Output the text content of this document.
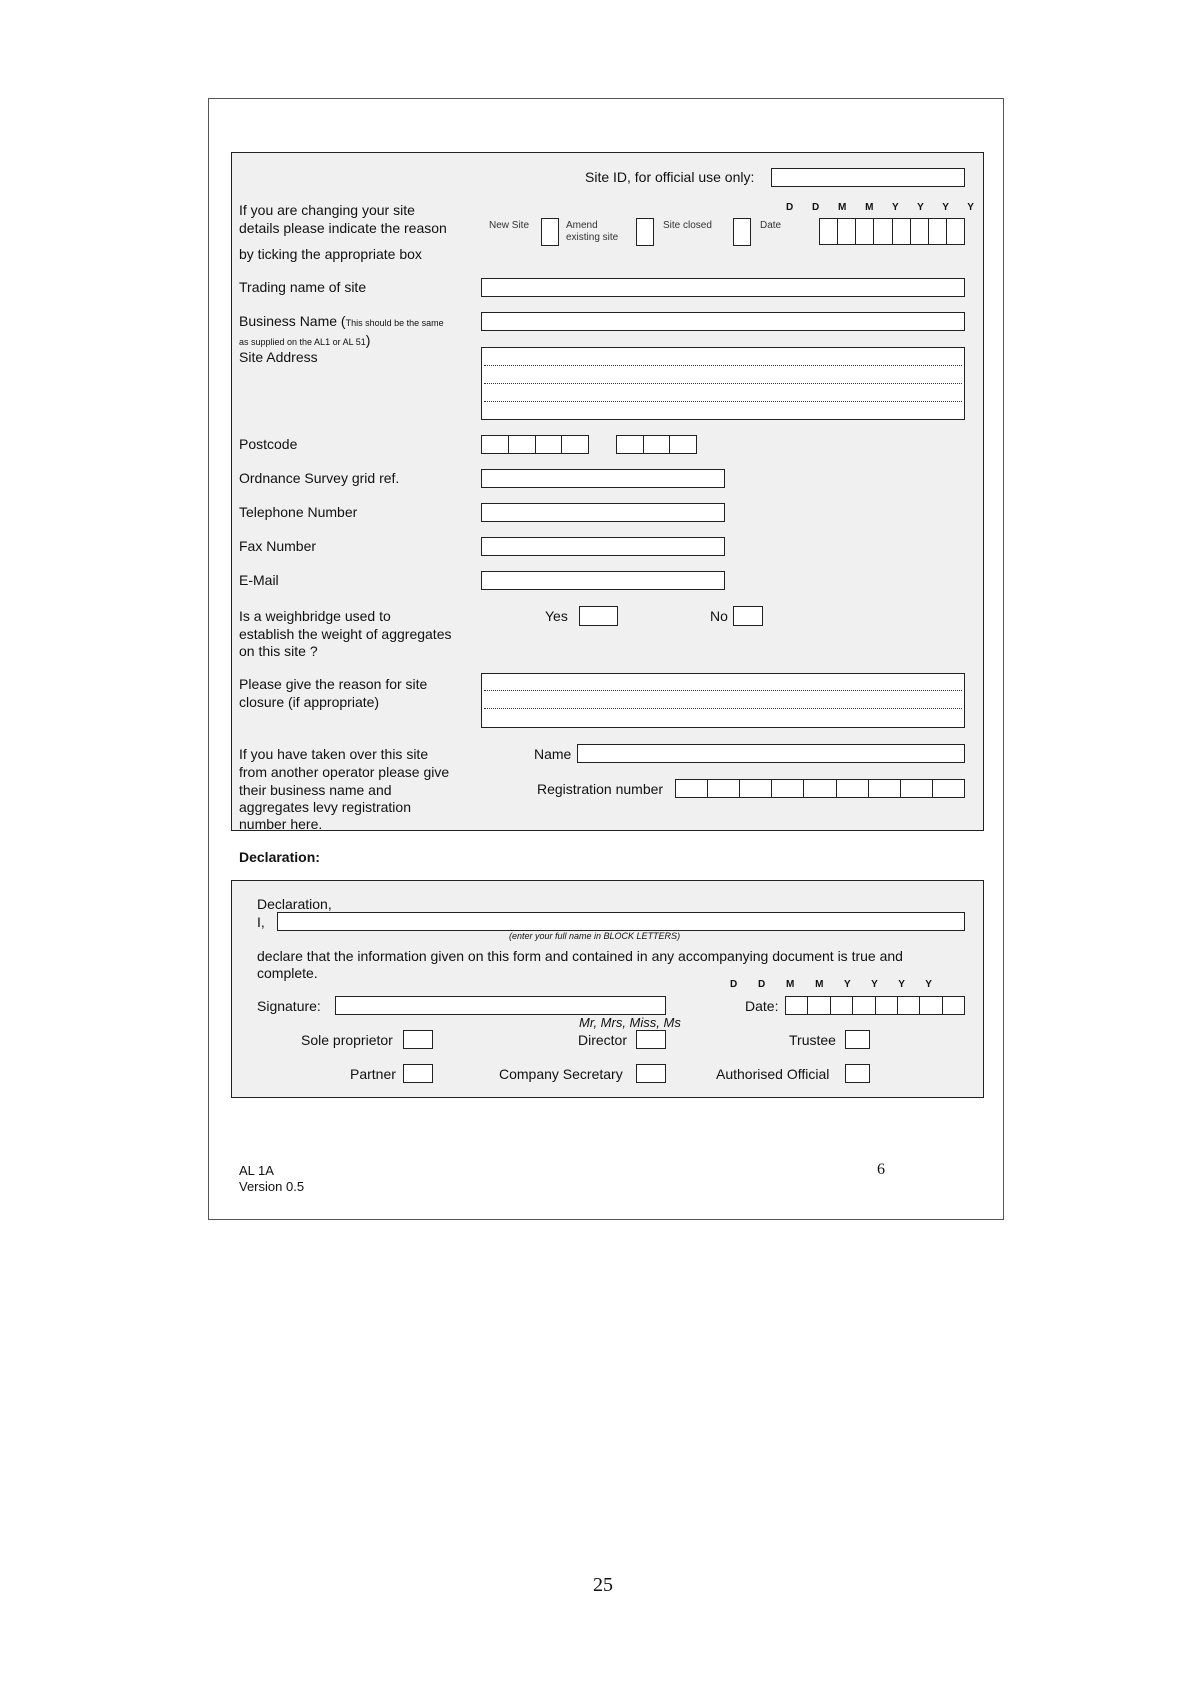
Site ID, for official use only:
If you are changing your site
details please indicate the reason
by ticking the appropriate box
New Site	Amend
existing site
Site closed	Date
D D M M Y Y Y Y
Trading name of site
Business Name (This should be the same
as supplied on the AL1 or AL 51)
Site Address
Postcode
Ordnance Survey grid ref.
Telephone Number
Fax Number
E-Mail
Is a weighbridge used to
establish the weight of aggregates
on this site ?
Yes	No
Please give the reason for site
closure (if appropriate)
If you have taken over this site
from another operator please give
their business name and
aggregates levy registration
number here.
Name
Registration number
Declaration:
Declaration,
I,
(enter your full name in BLOCK LETTERS)
declare that the information given on this form and contained in any accompanying document is true and
complete.
D D M M Y Y Y Y
Signature:	Date:
Mr, Mrs, Miss, Ms
Sole proprietor	Director	Trustee
Partner	Company Secretary	Authorised Official
AL 1A
Version 0.5
6
25
